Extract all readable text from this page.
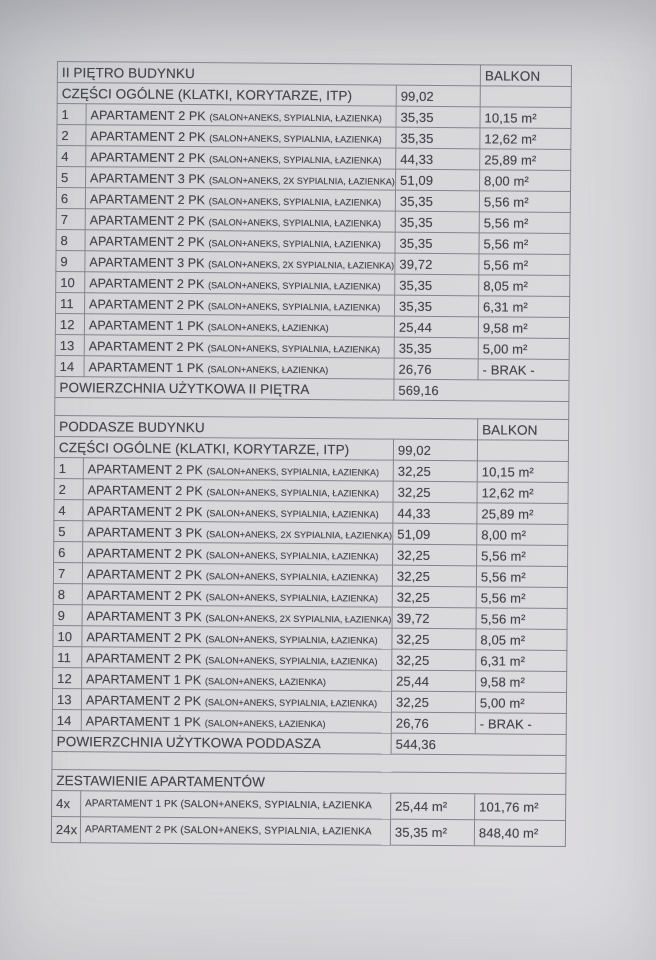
II PIĘTRO BUDYNKU			BALKON
CZĘŚCI OGÓLNE (KLATKI, KORYTARZE, ITP)		99,02	
1	APARTAMENT 2 PK (SALON+ANEKS, SYPIALNIA, ŁAZIENKA)	35,35	10,15 m²
2	APARTAMENT 2 PK (SALON+ANEKS, SYPIALNIA, ŁAZIENKA)	35,35	12,62 m²
4	APARTAMENT 2 PK (SALON+ANEKS, SYPIALNIA, ŁAZIENKA)	44,33	25,89 m²
5	APARTAMENT 3 PK (SALON+ANEKS, 2X SYPIALNIA, ŁAZIENKA)	51,09	8,00 m²
6	APARTAMENT 2 PK (SALON+ANEKS, SYPIALNIA, ŁAZIENKA)	35,35	5,56 m²
7	APARTAMENT 2 PK (SALON+ANEKS, SYPIALNIA, ŁAZIENKA)	35,35	5,56 m²
8	APARTAMENT 2 PK (SALON+ANEKS, SYPIALNIA, ŁAZIENKA)	35,35	5,56 m²
9	APARTAMENT 3 PK (SALON+ANEKS, 2X SYPIALNIA, ŁAZIENKA)	39,72	5,56 m²
10	APARTAMENT 2 PK (SALON+ANEKS, SYPIALNIA, ŁAZIENKA)	35,35	8,05 m²
11	APARTAMENT 2 PK (SALON+ANEKS, SYPIALNIA, ŁAZIENKA)	35,35	6,31 m²
12	APARTAMENT 1 PK (SALON+ANEKS, ŁAZIENKA)	25,44	9,58 m²
13	APARTAMENT 2 PK (SALON+ANEKS, SYPIALNIA, ŁAZIENKA)	35,35	5,00 m²
14	APARTAMENT 1 PK (SALON+ANEKS, ŁAZIENKA)	26,76	- BRAK -
POWIERZCHNIA UŻYTKOWA II PIĘTRA		569,16	

PODDASZE BUDYNKU			BALKON
CZĘŚCI OGÓLNE (KLATKI, KORYTARZE, ITP)		99,02	
1	APARTAMENT 2 PK (SALON+ANEKS, SYPIALNIA, ŁAZIENKA)	32,25	10,15 m²
2	APARTAMENT 2 PK (SALON+ANEKS, SYPIALNIA, ŁAZIENKA)	32,25	12,62 m²
4	APARTAMENT 2 PK (SALON+ANEKS, SYPIALNIA, ŁAZIENKA)	44,33	25,89 m²
5	APARTAMENT 3 PK (SALON+ANEKS, 2X SYPIALNIA, ŁAZIENKA)	51,09	8,00 m²
6	APARTAMENT 2 PK (SALON+ANEKS, SYPIALNIA, ŁAZIENKA)	32,25	5,56 m²
7	APARTAMENT 2 PK (SALON+ANEKS, SYPIALNIA, ŁAZIENKA)	32,25	5,56 m²
8	APARTAMENT 2 PK (SALON+ANEKS, SYPIALNIA, ŁAZIENKA)	32,25	5,56 m²
9	APARTAMENT 3 PK (SALON+ANEKS, 2X SYPIALNIA, ŁAZIENKA)	39,72	5,56 m²
10	APARTAMENT 2 PK (SALON+ANEKS, SYPIALNIA, ŁAZIENKA)	32,25	8,05 m²
11	APARTAMENT 2 PK (SALON+ANEKS, SYPIALNIA, ŁAZIENKA)	32,25	6,31 m²
12	APARTAMENT 1 PK (SALON+ANEKS, ŁAZIENKA)	25,44	9,58 m²
13	APARTAMENT 2 PK (SALON+ANEKS, SYPIALNIA, ŁAZIENKA)	32,25	5,00 m²
14	APARTAMENT 1 PK (SALON+ANEKS, ŁAZIENKA)	26,76	- BRAK -
POWIERZCHNIA UŻYTKOWA PODDASZA		544,36	

ZESTAWIENIE APARTAMENTÓW			
4x	APARTAMENT 1 PK (SALON+ANEKS, SYPIALNIA, ŁAZIENKA	25,44 m²	101,76 m²
24x	APARTAMENT 2 PK (SALON+ANEKS, SYPIALNIA, ŁAZIENKA	35,35 m²	848,40 m²
